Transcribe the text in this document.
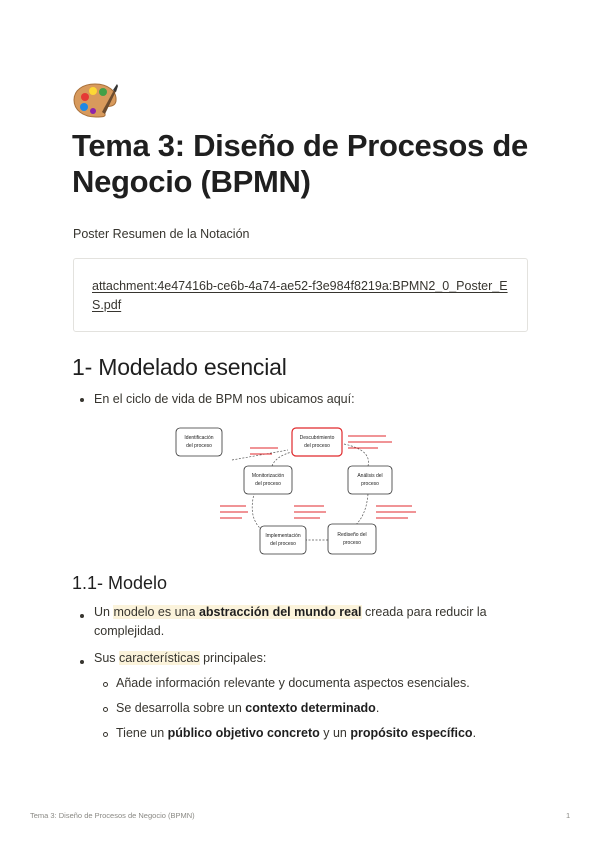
Tema 3: Diseño de Procesos de Negocio (BPMN)
Poster Resumen de la Notación
attachment:4e47416b-ce6b-4a74-ae52-f3e984f8219a:BPMN2_0_Poster_ES.pdf
1- Modelado esencial
En el ciclo de vida de BPM nos ubicamos aquí:
Identificación
del proceso
Descubrimiento
del proceso
Análisis del
proceso
Rediseño del
proceso
Implementación
del proceso
Monitorización
del proceso
1.1- Modelo
Un modelo es una abstracción del mundo real creada para reducir la
complejidad.
Sus características principales:
Añade información relevante y documenta aspectos esenciales.
Se desarrolla sobre un contexto determinado.
Tiene un público objetivo concreto y un propósito específico.
Tema 3: Diseño de Procesos de Negocio (BPMN)	1
